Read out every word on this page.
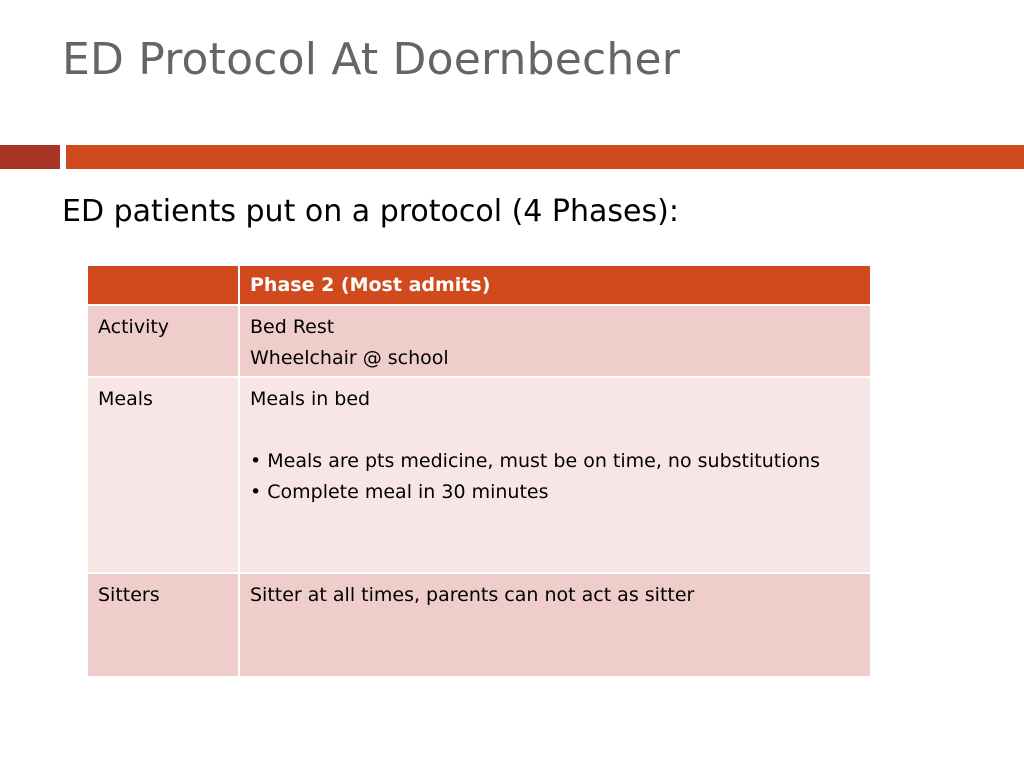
ED Protocol At Doernbecher

ED patients put on a protocol (4 Phases):

	Phase 2 (Most admits)
Activity	Bed Rest
Wheelchair @ school

Meals	Meals in bed
• Meals are pts medicine, must be on time, no substitutions
• Complete meal in 30 minutes

Sitters	Sitter at all times, parents can not act as sitter
